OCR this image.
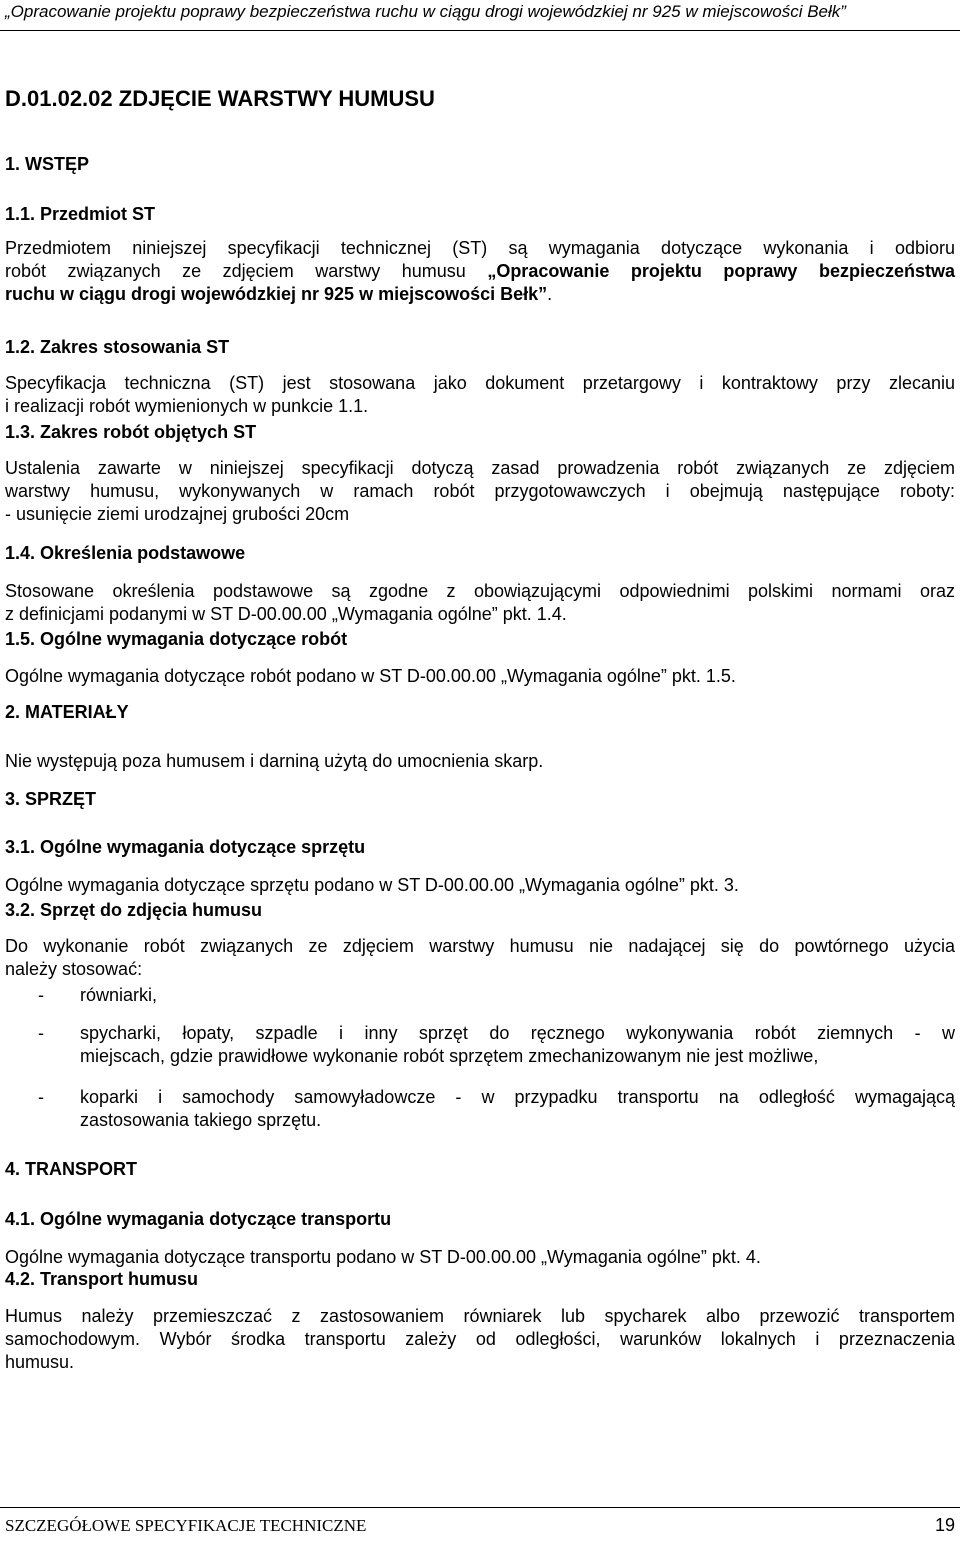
„Opracowanie projektu poprawy bezpieczeństwa ruchu w ciągu drogi wojewódzkiej nr 925 w miejscowości Bełk”
D.01.02.02 ZDJĘCIE WARSTWY HUMUSU
1. WSTĘP
1.1. Przedmiot ST
Przedmiotem niniejszej specyfikacji technicznej (ST) są wymagania dotyczące wykonania i odbioru
robót związanych ze zdjęciem warstwy humusu „Opracowanie projektu poprawy bezpieczeństwa
ruchu w ciągu drogi wojewódzkiej nr 925 w miejscowości Bełk”.
1.2. Zakres stosowania ST
Specyfikacja techniczna (ST) jest stosowana jako dokument przetargowy i kontraktowy przy zlecaniu
i realizacji robót wymienionych w punkcie 1.1.
1.3. Zakres robót objętych ST
Ustalenia zawarte w niniejszej specyfikacji dotyczą zasad prowadzenia robót związanych ze zdjęciem
warstwy humusu, wykonywanych w ramach robót przygotowawczych i obejmują następujące roboty:
- usunięcie ziemi urodzajnej grubości 20cm
1.4. Określenia podstawowe
Stosowane określenia podstawowe są zgodne z obowiązującymi odpowiednimi polskimi normami oraz
z definicjami podanymi w ST D-00.00.00 „Wymagania ogólne” pkt. 1.4.
1.5. Ogólne wymagania dotyczące robót
Ogólne wymagania dotyczące robót podano w ST D-00.00.00 „Wymagania ogólne” pkt. 1.5.
2. MATERIAŁY
Nie występują poza humusem i darniną użytą do umocnienia skarp.
3. SPRZĘT
3.1. Ogólne wymagania dotyczące sprzętu
Ogólne wymagania dotyczące sprzętu podano w ST D-00.00.00 „Wymagania ogólne” pkt. 3.
3.2. Sprzęt do zdjęcia humusu
Do wykonanie robót związanych ze zdjęciem warstwy humusu nie nadającej się do powtórnego użycia
należy stosować:
- równiarki,
- spycharki, łopaty, szpadle i inny sprzęt do ręcznego wykonywania robót ziemnych - w
miejscach, gdzie prawidłowe wykonanie robót sprzętem zmechanizowanym nie jest możliwe,
- koparki i samochody samowyładowcze - w przypadku transportu na odległość wymagającą
zastosowania takiego sprzętu.
4. TRANSPORT
4.1. Ogólne wymagania dotyczące transportu
Ogólne wymagania dotyczące transportu podano w ST D-00.00.00 „Wymagania ogólne” pkt. 4.
4.2. Transport humusu
Humus należy przemieszczać z zastosowaniem równiarek lub spycharek albo przewozić transportem
samochodowym. Wybór środka transportu zależy od odległości, warunków lokalnych i przeznaczenia
humusu.
SZCZEGÓŁOWE SPECYFIKACJE TECHNICZNE	19
